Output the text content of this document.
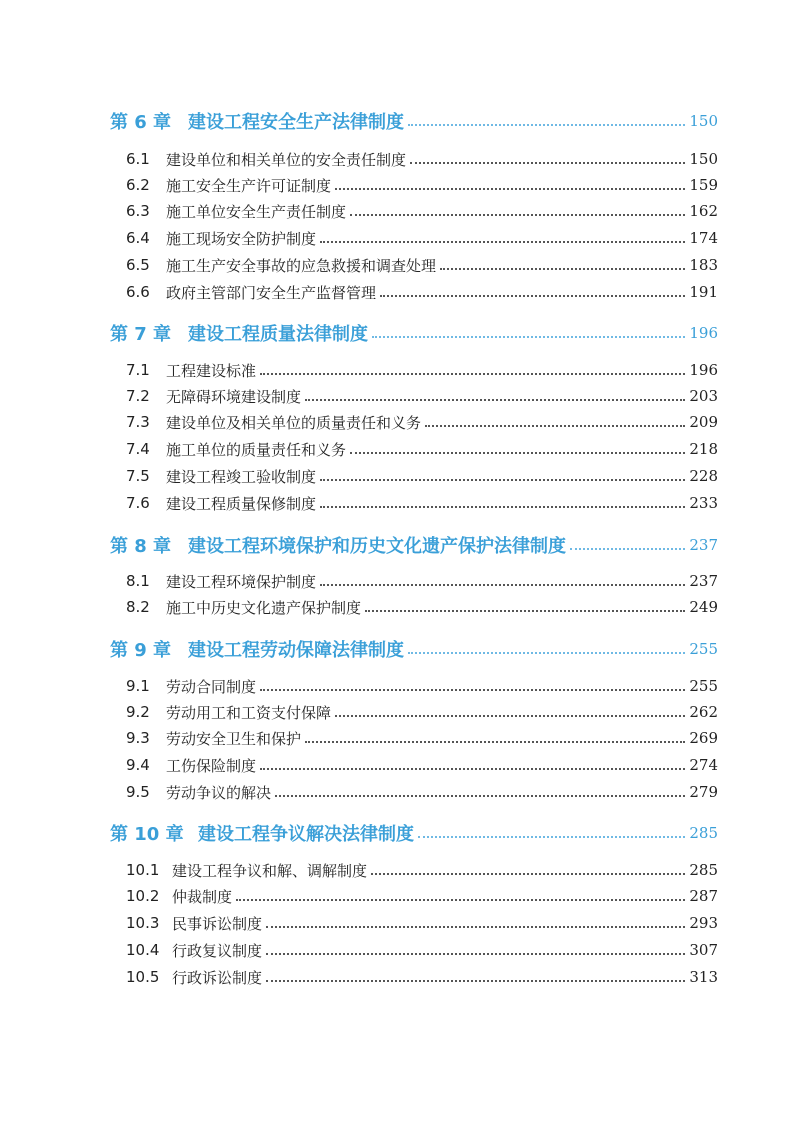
第 6 章 建设工程安全生产法律制度	150
6.1	建设单位和相关单位的安全责任制度	150
6.2	施工安全生产许可证制度	159
6.3	施工单位安全生产责任制度	162
6.4	施工现场安全防护制度	174
6.5	施工生产安全事故的应急救援和调查处理	183
6.6	政府主管部门安全生产监督管理	191
第 7 章 建设工程质量法律制度	196
7.1	工程建设标准	196
7.2	无障碍环境建设制度	203
7.3	建设单位及相关单位的质量责任和义务	209
7.4	施工单位的质量责任和义务	218
7.5	建设工程竣工验收制度	228
7.6	建设工程质量保修制度	233
第 8 章 建设工程环境保护和历史文化遗产保护法律制度	237
8.1	建设工程环境保护制度	237
8.2	施工中历史文化遗产保护制度	249
第 9 章 建设工程劳动保障法律制度	255
9.1	劳动合同制度	255
9.2	劳动用工和工资支付保障	262
9.3	劳动安全卫生和保护	269
9.4	工伤保险制度	274
9.5	劳动争议的解决	279
第 10 章 建设工程争议解决法律制度	285
10.1 建设工程争议和解、调解制度	285
10.2 仲裁制度	287
10.3 民事诉讼制度	293
10.4 行政复议制度	307
10.5 行政诉讼制度	313
